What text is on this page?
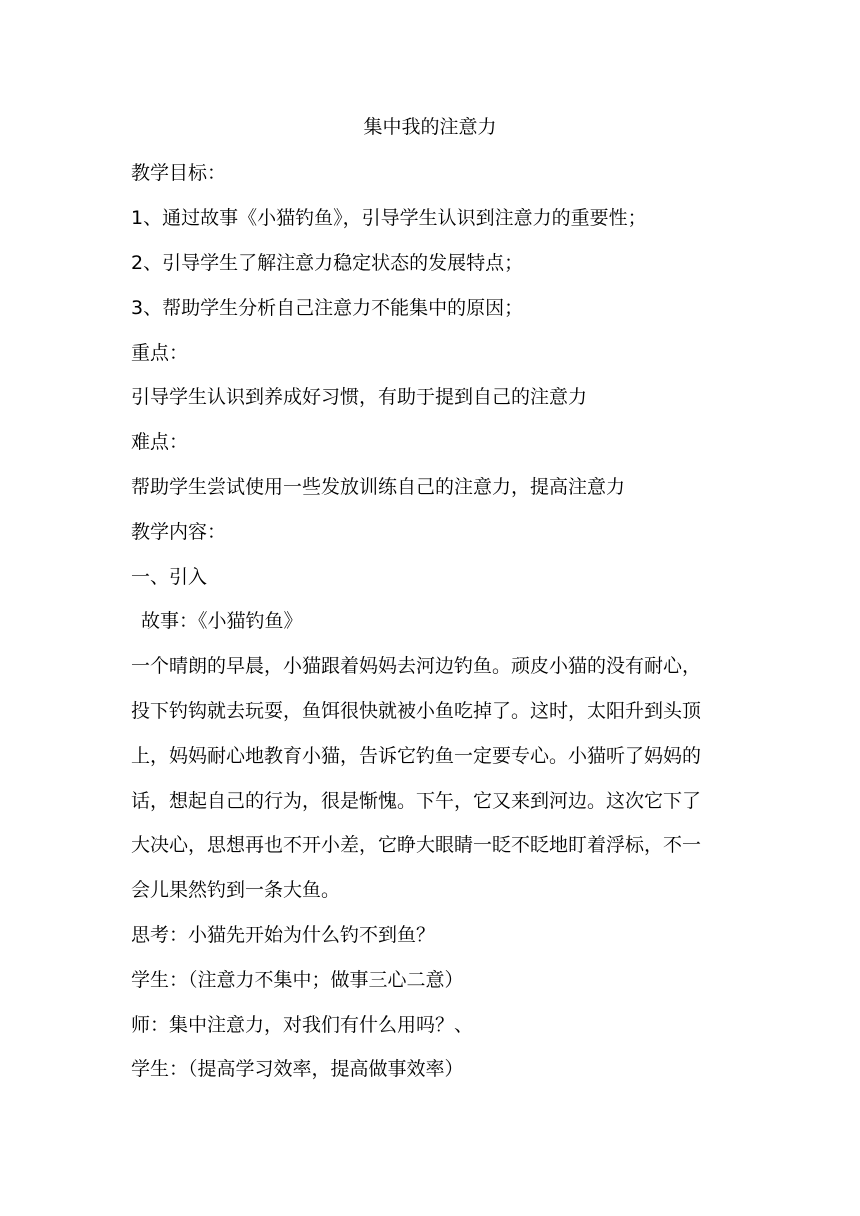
集中我的注意力

教学目标：

1、通过故事《小猫钓鱼》，引导学生认识到注意力的重要性；

2、引导学生了解注意力稳定状态的发展特点；

3、帮助学生分析自己注意力不能集中的原因；

重点：

引导学生认识到养成好习惯，有助于提到自己的注意力

难点：

帮助学生尝试使用一些发放训练自己的注意力，提高注意力

教学内容：

一、引入

故事：《小猫钓鱼》

一个晴朗的早晨，小猫跟着妈妈去河边钓鱼。顽皮小猫的没有耐心，

投下钓钩就去玩耍，鱼饵很快就被小鱼吃掉了。这时，太阳升到头顶

上，妈妈耐心地教育小猫，告诉它钓鱼一定要专心。小猫听了妈妈的

话，想起自己的行为，很是惭愧。下午，它又来到河边。这次它下了

大决心，思想再也不开小差，它睁大眼睛一眨不眨地盯着浮标，不一

会儿果然钓到一条大鱼。

思考：小猫先开始为什么钓不到鱼？

学生：（注意力不集中；做事三心二意）

师：集中注意力，对我们有什么用吗？、

学生：（提高学习效率，提高做事效率）
